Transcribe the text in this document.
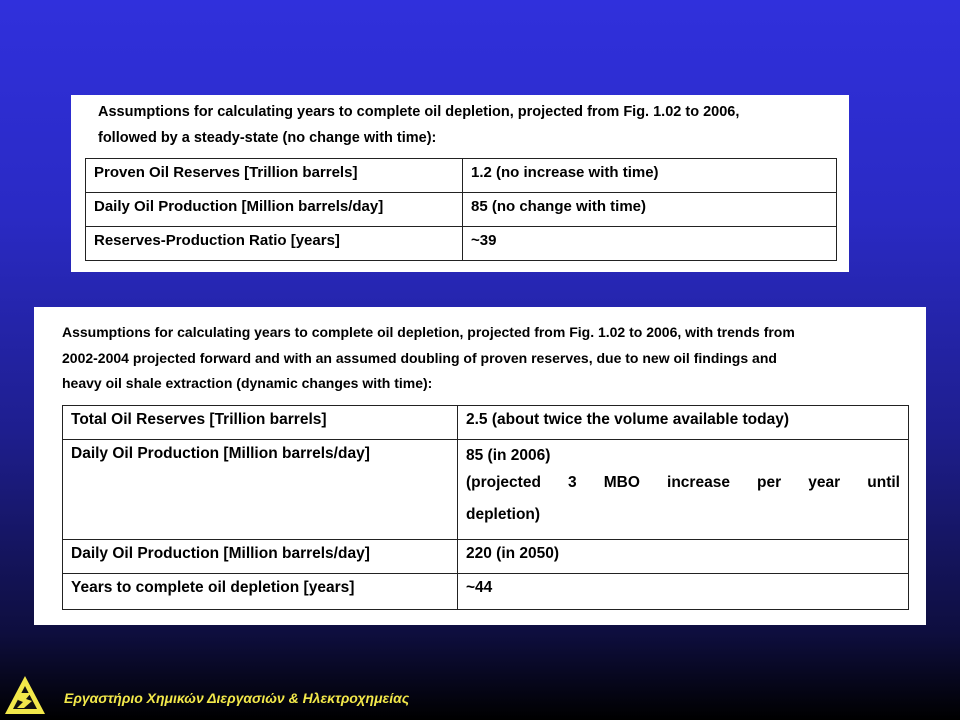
Assumptions for calculating years to complete oil depletion, projected from Fig. 1.02 to 2006,
followed by a steady-state (no change with time):
Proven Oil Reserves [Trillion barrels]	1.2 (no increase with time)
Daily Oil Production [Million barrels/day]	85 (no change with time)
Reserves-Production Ratio [years]	~39
Assumptions for calculating years to complete oil depletion, projected from Fig. 1.02 to 2006, with trends from
2002-2004 projected forward and with an assumed doubling of proven reserves, due to new oil findings and
heavy oil shale extraction (dynamic changes with time):
Total Oil Reserves [Trillion barrels]	2.5 (about twice the volume available today)
Daily Oil Production [Million barrels/day]	85 (in 2006)
(projected 3 MBO increase per year until
depletion)

Daily Oil Production [Million barrels/day]	220 (in 2050)
Years to complete oil depletion [years]	~44
Εργαστήριο Χημικών Διεργασιών & Ηλεκτροχημείας
